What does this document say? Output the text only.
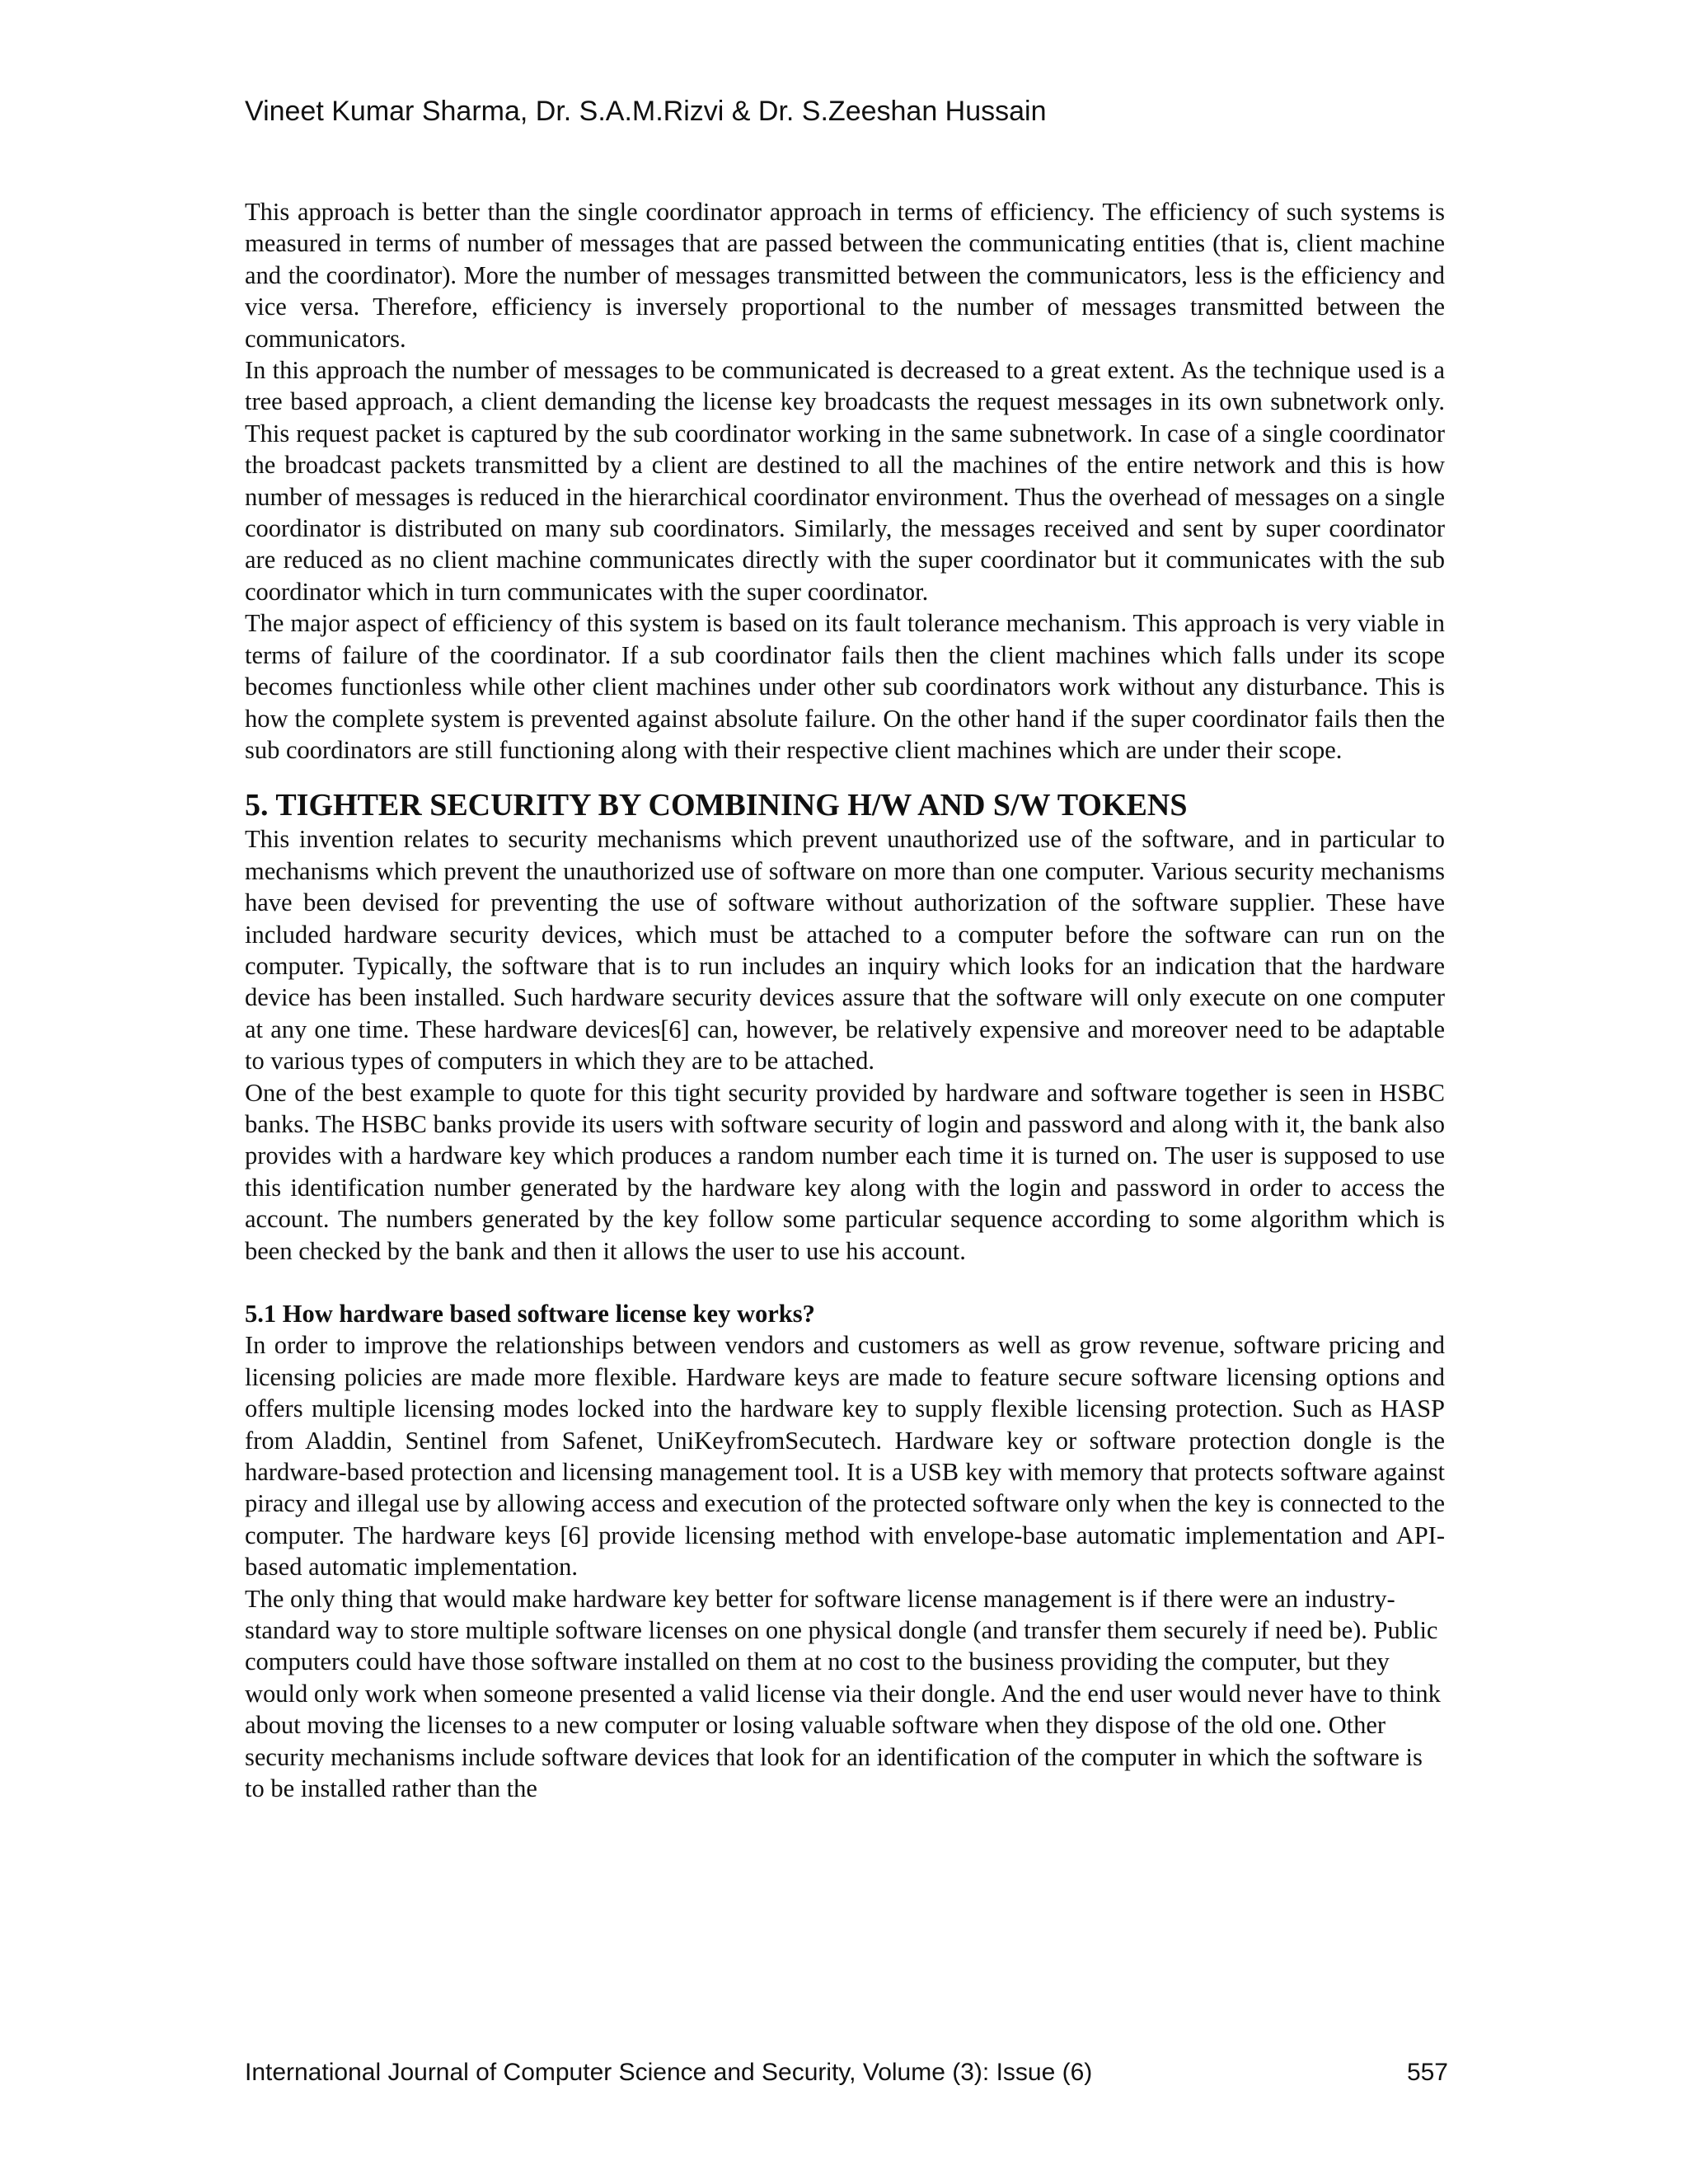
Vineet Kumar Sharma, Dr. S.A.M.Rizvi & Dr. S.Zeeshan Hussain

This approach is better than the single coordinator approach in terms of efficiency. The efficiency of such systems is measured in terms of number of messages that are passed between the communicating entities (that is, client machine and the coordinator). More the number of messages transmitted between the communicators, less is the efficiency and vice versa. Therefore, efficiency is inversely proportional to the number of messages transmitted between the communicators.

In this approach the number of messages to be communicated is decreased to a great extent. As the technique used is a tree based approach, a client demanding the license key broadcasts the request messages in its own subnetwork only. This request packet is captured by the sub coordinator working in the same subnetwork. In case of a single coordinator the broadcast packets transmitted by a client are destined to all the machines of the entire network and this is how number of messages is reduced in the hierarchical coordinator environment. Thus the overhead of messages on a single coordinator is distributed on many sub coordinators. Similarly, the messages received and sent by super coordinator are reduced as no client machine communicates directly with the super coordinator but it communicates with the sub coordinator which in turn communicates with the super coordinator.

The major aspect of efficiency of this system is based on its fault tolerance mechanism. This approach is very viable in terms of failure of the coordinator. If a sub coordinator fails then the client machines which falls under its scope becomes functionless while other client machines under other sub coordinators work without any disturbance. This is how the complete system is prevented against absolute failure. On the other hand if the super coordinator fails then the sub coordinators are still functioning along with their respective client machines which are under their scope.

5. TIGHTER SECURITY BY COMBINING H/W AND S/W TOKENS

This invention relates to security mechanisms which prevent unauthorized use of the software, and in particular to mechanisms which prevent the unauthorized use of software on more than one computer. Various security mechanisms have been devised for preventing the use of software without authorization of the software supplier. These have included hardware security devices, which must be attached to a computer before the software can run on the computer. Typically, the software that is to run includes an inquiry which looks for an indication that the hardware device has been installed. Such hardware security devices assure that the software will only execute on one computer at any one time. These hardware devices[6] can, however, be relatively expensive and moreover need to be adaptable to various types of computers in which they are to be attached.

One of the best example to quote for this tight security provided by hardware and software together is seen in HSBC banks. The HSBC banks provide its users with software security of login and password and along with it, the bank also provides with a hardware key which produces a random number each time it is turned on. The user is supposed to use this identification number generated by the hardware key along with the login and password in order to access the account. The numbers generated by the key follow some particular sequence according to some algorithm which is been checked by the bank and then it allows the user to use his account.

5.1 How hardware based software license key works?

In order to improve the relationships between vendors and customers as well as grow revenue, software pricing and licensing policies are made more flexible. Hardware keys are made to feature secure software licensing options and offers multiple licensing modes locked into the hardware key to supply flexible licensing protection. Such as HASP from Aladdin, Sentinel from Safenet, UniKeyfromSecutech. Hardware key or software protection dongle is the hardware-based protection and licensing management tool. It is a USB key with memory that protects software against piracy and illegal use by allowing access and execution of the protected software only when the key is connected to the computer. The hardware keys [6] provide licensing method with envelope-base automatic implementation and API-based automatic implementation.

The only thing that would make hardware key better for software license management is if there were an industry-standard way to store multiple software licenses on one physical dongle (and transfer them securely if need be). Public computers could have those software installed on them at no cost to the business providing the computer, but they would only work when someone presented a valid license via their dongle. And the end user would never have to think about moving the licenses to a new computer or losing valuable software when they dispose of the old one. Other security mechanisms include software devices that look for an identification of the computer in which the software is to be installed rather than the

International Journal of Computer Science and Security, Volume (3): Issue (6)	557
